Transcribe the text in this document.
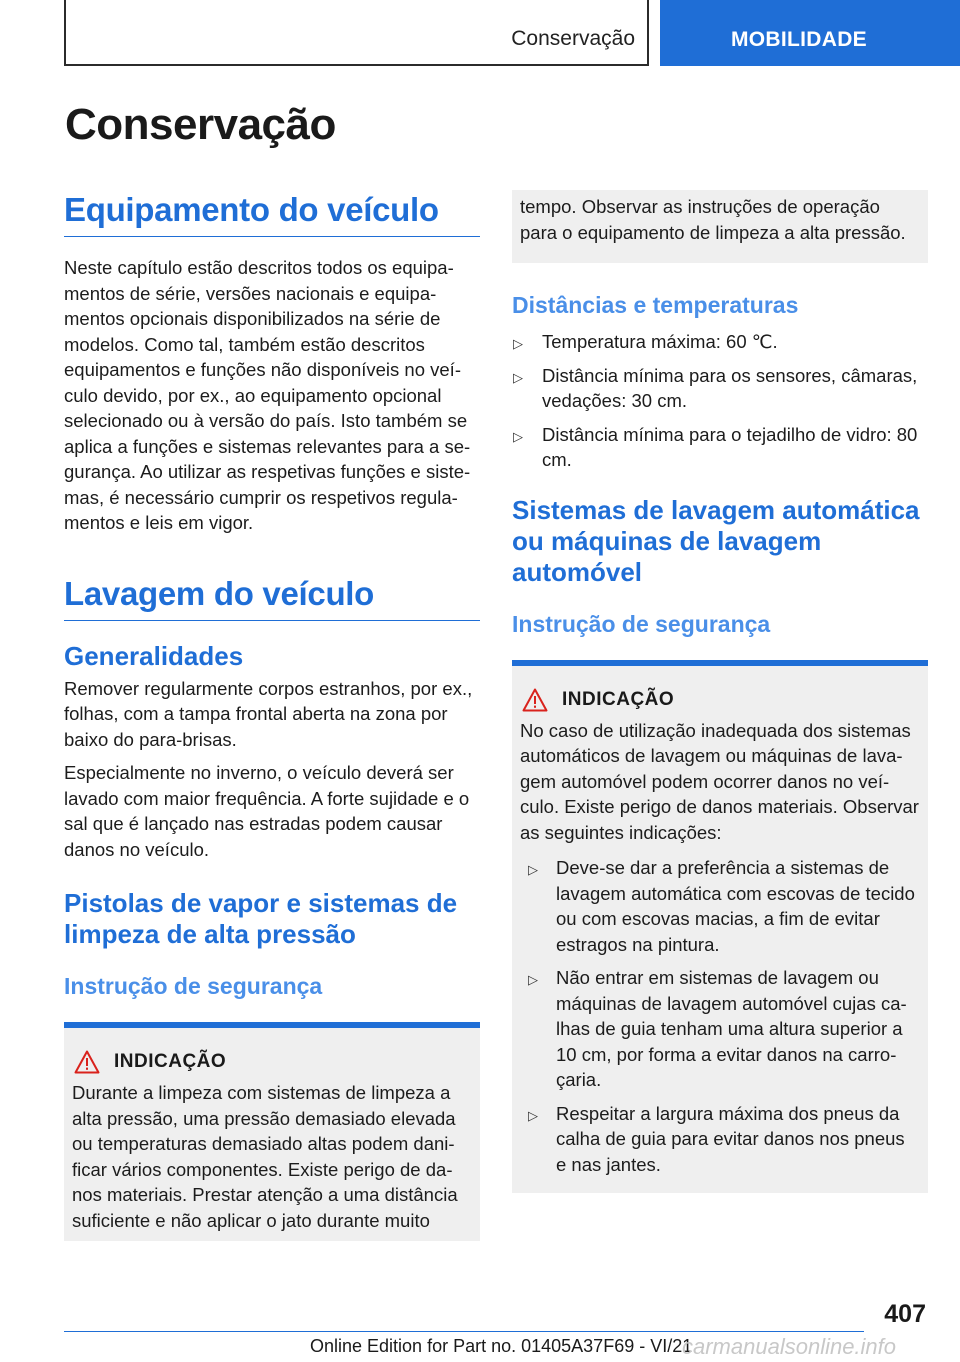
Conservação	MOBILIDADE
Conservação
Equipamento do veículo

Neste capítulo estão descritos todos os equipamentos de série, versões nacionais e equipamentos opcionais disponibilizados na série de modelos. Como tal, também estão descritos equipamentos e funções não disponíveis no veículo devido, por ex., ao equipamento opcional selecionado ou à versão do país. Isto também se aplica a funções e sistemas relevantes para a segurança. Ao utilizar as respetivas funções e sistemas, é necessário cumprir os respetivos regulamentos e leis em vigor.

Lavagem do veículo
Generalidades

Remover regularmente corpos estranhos, por ex., folhas, com a tampa frontal aberta na zona por baixo do para-brisas.

Especialmente no inverno, o veículo deverá ser lavado com maior frequência. A forte sujidade e o sal que é lançado nas estradas podem causar danos no veículo.

Pistolas de vapor e sistemas de limpeza de alta pressão
Instrução de segurança
INDICAÇÃO

Durante a limpeza com sistemas de limpeza a alta pressão, uma pressão demasiado elevada ou temperaturas demasiado altas podem danificar vários componentes. Existe perigo de danos materiais. Prestar atenção a uma distância suficiente e não aplicar o jato durante muito

tempo. Observar as instruções de operação para o equipamento de limpeza a alta pressão.

Distâncias e temperaturas
▷ Temperatura máxima: 60 ℃.
▷ Distância mínima para os sensores, câmaras, vedações: 30 cm.
▷ Distância mínima para o tejadilho de vidro: 80 cm.
Sistemas de lavagem automática ou máquinas de lavagem automóvel
Instrução de segurança
INDICAÇÃO

No caso de utilização inadequada dos sistemas automáticos de lavagem ou máquinas de lavagem automóvel podem ocorrer danos no veículo. Existe perigo de danos materiais. Observar as seguintes indicações:

▷ Deve-se dar a preferência a sistemas de lavagem automática com escovas de tecido ou com escovas macias, a fim de evitar estragos na pintura.
▷ Não entrar em sistemas de lavagem ou máquinas de lavagem automóvel cujas calhas de guia tenham uma altura superior a 10 cm, por forma a evitar danos na carroçaria.
▷ Respeitar a largura máxima dos pneus da calha de guia para evitar danos nos pneus e nas jantes.
407
Online Edition for Part no. 01405A37F69 - VI/21
carmanualsonline.info
